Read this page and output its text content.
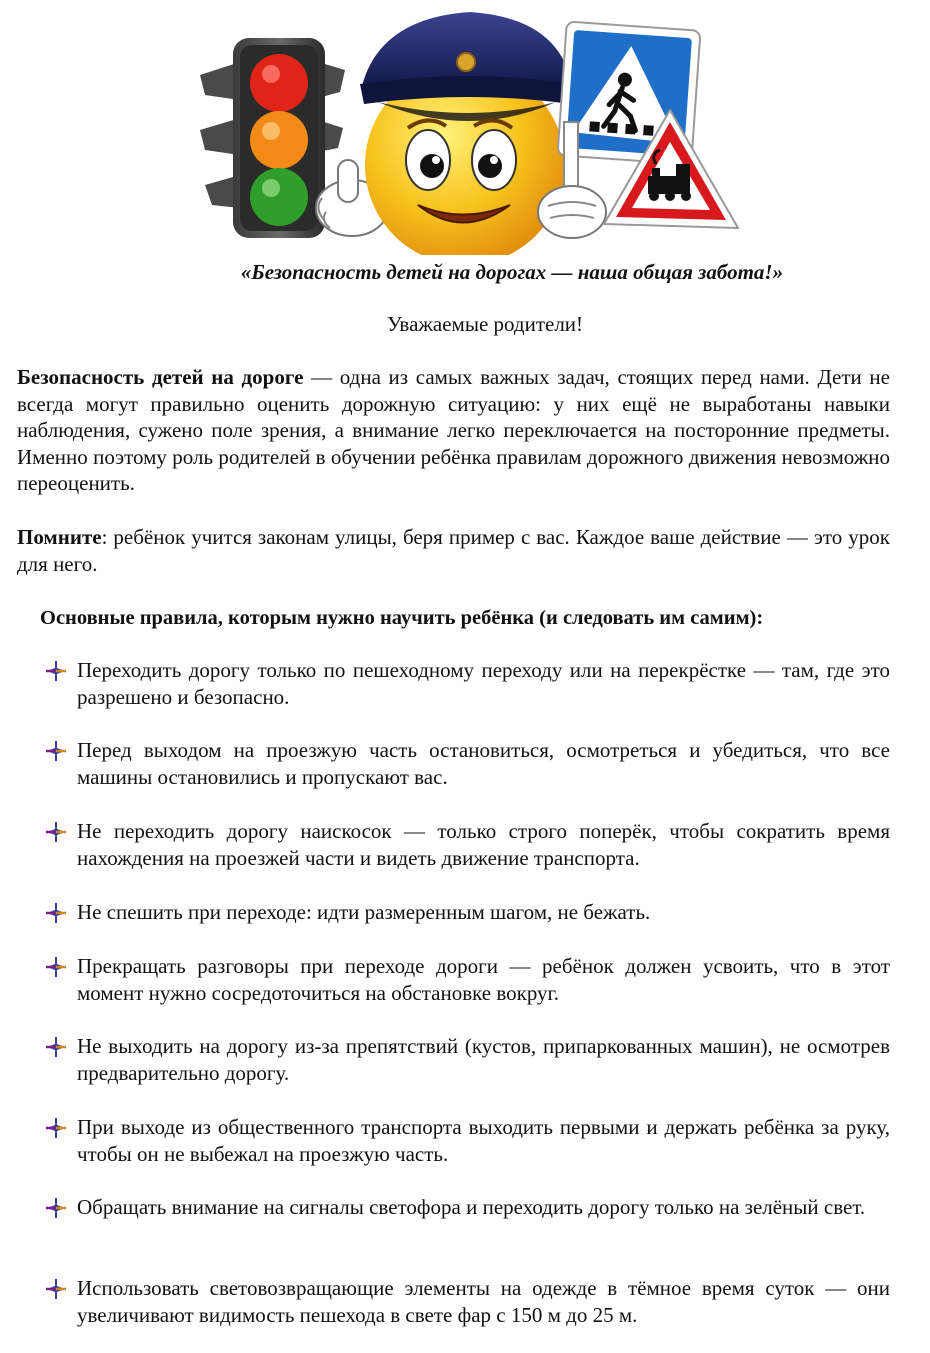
«Безопасность детей на дорогах — наша общая забота!»
Уважаемые родители!

Безопасность детей на дороге — одна из самых важных задач, стоящих перед нами. Дети не всегда могут правильно оценить дорожную ситуацию: у них ещё не выработаны навыки наблюдения, сужено поле зрения, а внимание легко переключается на посторонние предметы. Именно поэтому роль родителей в обучении ребёнка правилам дорожного движения невозможно переоценить.

Помните: ребёнок учится законам улицы, беря пример с вас. Каждое ваше действие — это урок для него.

Основные правила, которым нужно научить ребёнка (и следовать им самим):
Переходить дорогу только по пешеходному переходу или на перекрёстке — там, где это разрешено и безопасно.
Перед выходом на проезжую часть остановиться, осмотреться и убедиться, что все машины остановились и пропускают вас.
Не переходить дорогу наискосок — только строго поперёк, чтобы сократить время нахождения на проезжей части и видеть движение транспорта.
Не спешить при переходе: идти размеренным шагом, не бежать.
Прекращать разговоры при переходе дороги — ребёнок должен усвоить, что в этот момент нужно сосредоточиться на обстановке вокруг.
Не выходить на дорогу из-за препятствий (кустов, припаркованных машин), не осмотрев предварительно дорогу.
При выходе из общественного транспорта выходить первыми и держать ребёнка за руку, чтобы он не выбежал на проезжую часть.
Обращать внимание на сигналы светофора и переходить дорогу только на зелёный свет.
Использовать световозвращающие элементы на одежде в тёмное время суток — они увеличивают видимость пешехода в свете фар с 150 м до 25 м.
